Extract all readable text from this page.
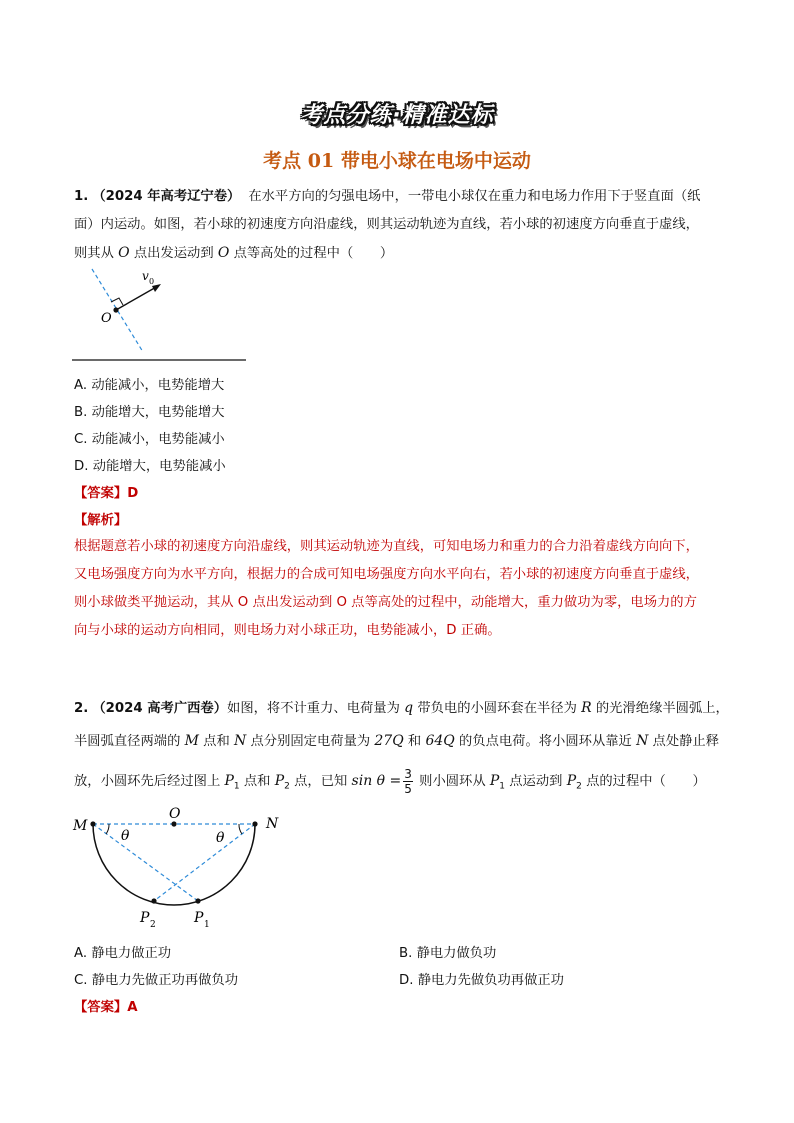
考点分练·精准达标
考点 01 带电小球在电场中运动
1. （2024 年高考辽宁卷） 在水平方向的匀强电场中，一带电小球仅在重力和电场力作用下于竖直面（纸
面）内运动。如图，若小球的初速度方向沿虚线，则其运动轨迹为直线，若小球的初速度方向垂直于虚线，
则其从 O 点出发运动到 O 点等高处的过程中（　　）
O
v 0
A. 动能减小，电势能增大
B. 动能增大，电势能增大
C. 动能减小，电势能减小
D. 动能增大，电势能减小
【答案】D
【解析】
根据题意若小球的初速度方向沿虚线，则其运动轨迹为直线，可知电场力和重力的合力沿着虚线方向向下，
又电场强度方向为水平方向，根据力的合成可知电场强度方向水平向右，若小球的初速度方向垂直于虚线，
则小球做类平抛运动，其从 O 点出发运动到 O 点等高处的过程中，动能增大，重力做功为零，电场力的方
向与小球的运动方向相同，则电场力对小球正功，电势能减小，D 正确。
2. （2024 高考广西卷）如图，将不计重力、电荷量为 q 带负电的小圆环套在半径为 R 的光滑绝缘半圆弧上，
半圆弧直径两端的 M 点和 N 点分别固定电荷量为 27Q 和 64Q 的负点电荷。将小圆环从靠近 N 点处静止释
放，小圆环先后经过图上 $P_1$ 点和 $P_2$ 点，已知 $\sin \theta = \frac{3}{5}$ 则小圆环从 $P_1$ 点运动到 $P_2$ 点的过程中（　　）
M	N
O
θ	θ
P 2	P 1
A. 静电力做正功	B. 静电力做负功
C. 静电力先做正功再做负功	D. 静电力先做负功再做正功
【答案】A
